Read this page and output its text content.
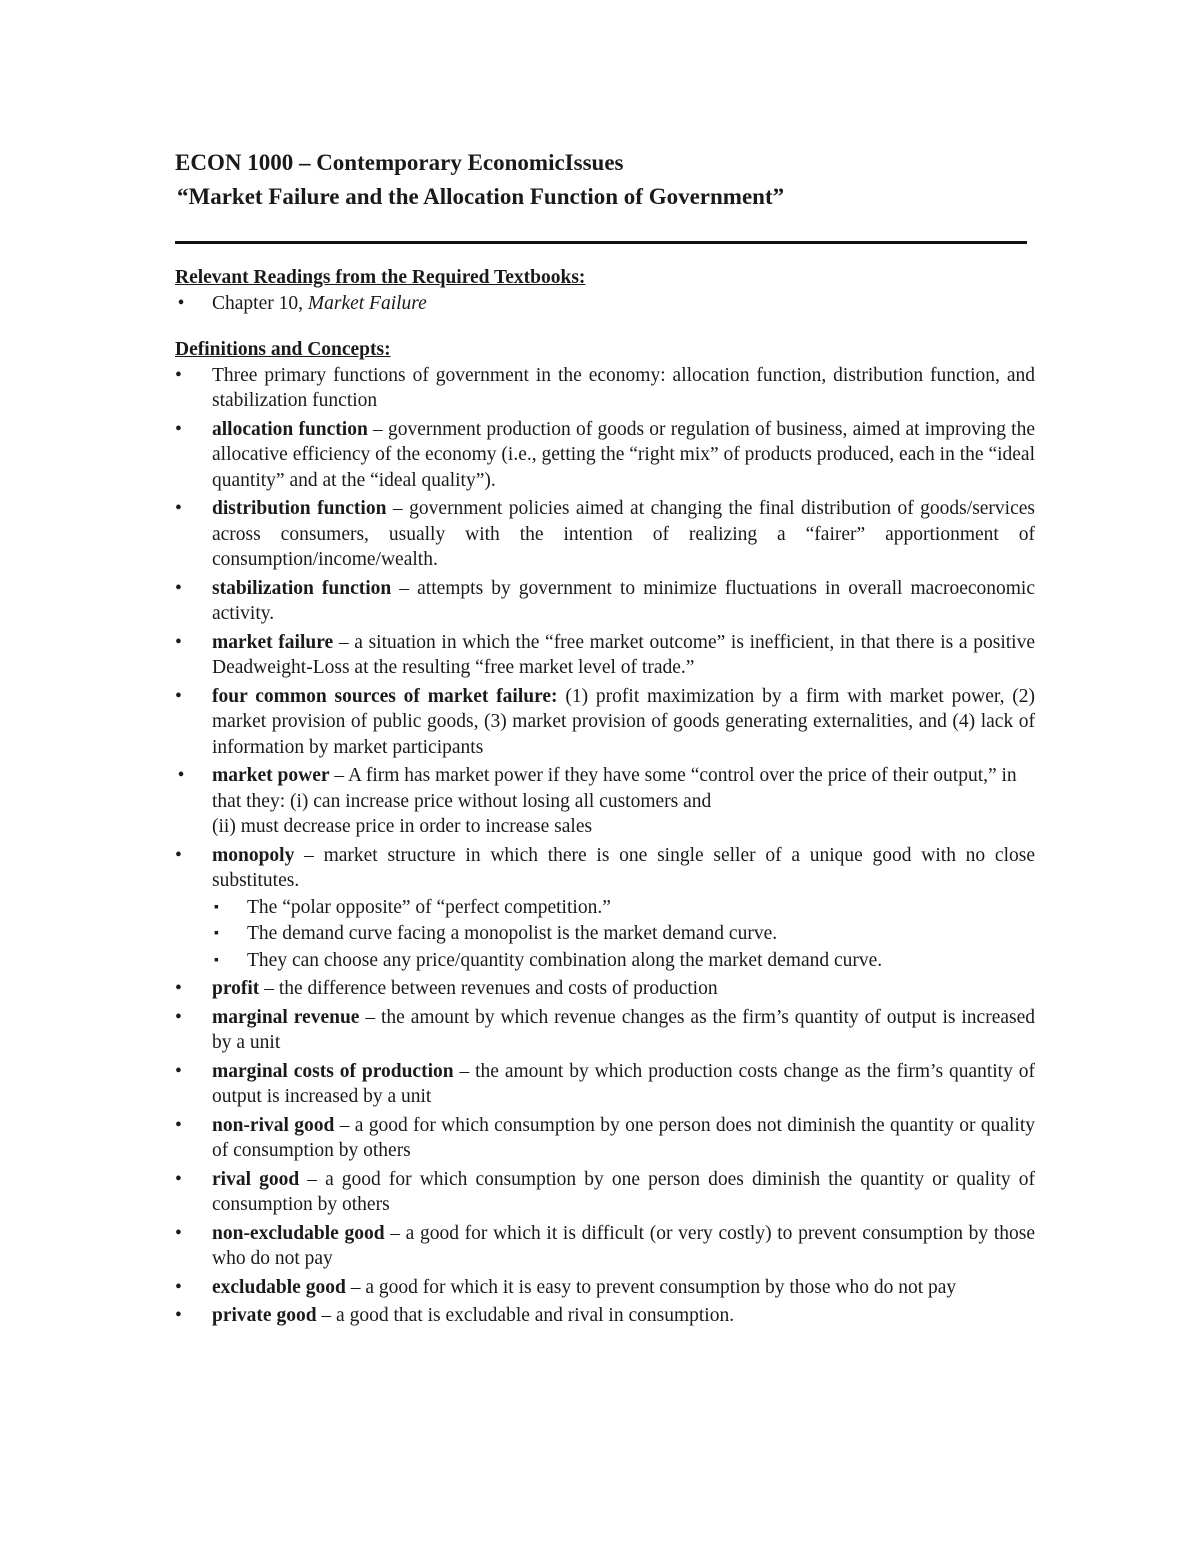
ECON 1000 – Contemporary EconomicIssues
“Market Failure and the Allocation Function of Government”
Relevant Readings from the Required Textbooks:
• Chapter 10, Market Failure
Definitions and Concepts:
• Three primary functions of government in the economy: allocation function, distribution function, and stabilization function
• allocation function – government production of goods or regulation of business, aimed at improving the allocative efficiency of the economy (i.e., getting the “right mix” of products produced, each in the “ideal quantity” and at the “ideal quality”).
• distribution function – government policies aimed at changing the final distribution of goods/services across consumers, usually with the intention of realizing a “fairer” apportionment of consumption/income/wealth.
• stabilization function – attempts by government to minimize fluctuations in overall macroeconomic activity.
• market failure – a situation in which the “free market outcome” is inefficient, in that there is a positive Deadweight-Loss at the resulting “free market level of trade.”
• four common sources of market failure: (1) profit maximization by a firm with market power, (2) market provision of public goods, (3) market provision of goods generating externalities, and (4) lack of information by market participants
• market power – A firm has market power if they have some “control over the price of their output,” in that they: (i) can increase price without losing all customers and
(ii) must decrease price in order to increase sales
• monopoly – market structure in which there is one single seller of a unique good with no close substitutes.
▪	The “polar opposite” of “perfect competition.”
▪	The demand curve facing a monopolist is the market demand curve.
▪	They can choose any price/quantity combination along the market demand curve.
• profit – the difference between revenues and costs of production
• marginal revenue – the amount by which revenue changes as the firm’s quantity of output is increased by a unit
• marginal costs of production – the amount by which production costs change as the firm’s quantity of output is increased by a unit
• non-rival good – a good for which consumption by one person does not diminish the quantity or quality of consumption by others
• rival good – a good for which consumption by one person does diminish the quantity or quality of consumption by others
• non-excludable good – a good for which it is difficult (or very costly) to prevent consumption by those who do not pay
• excludable good – a good for which it is easy to prevent consumption by those who do not pay
• private good – a good that is excludable and rival in consumption.
